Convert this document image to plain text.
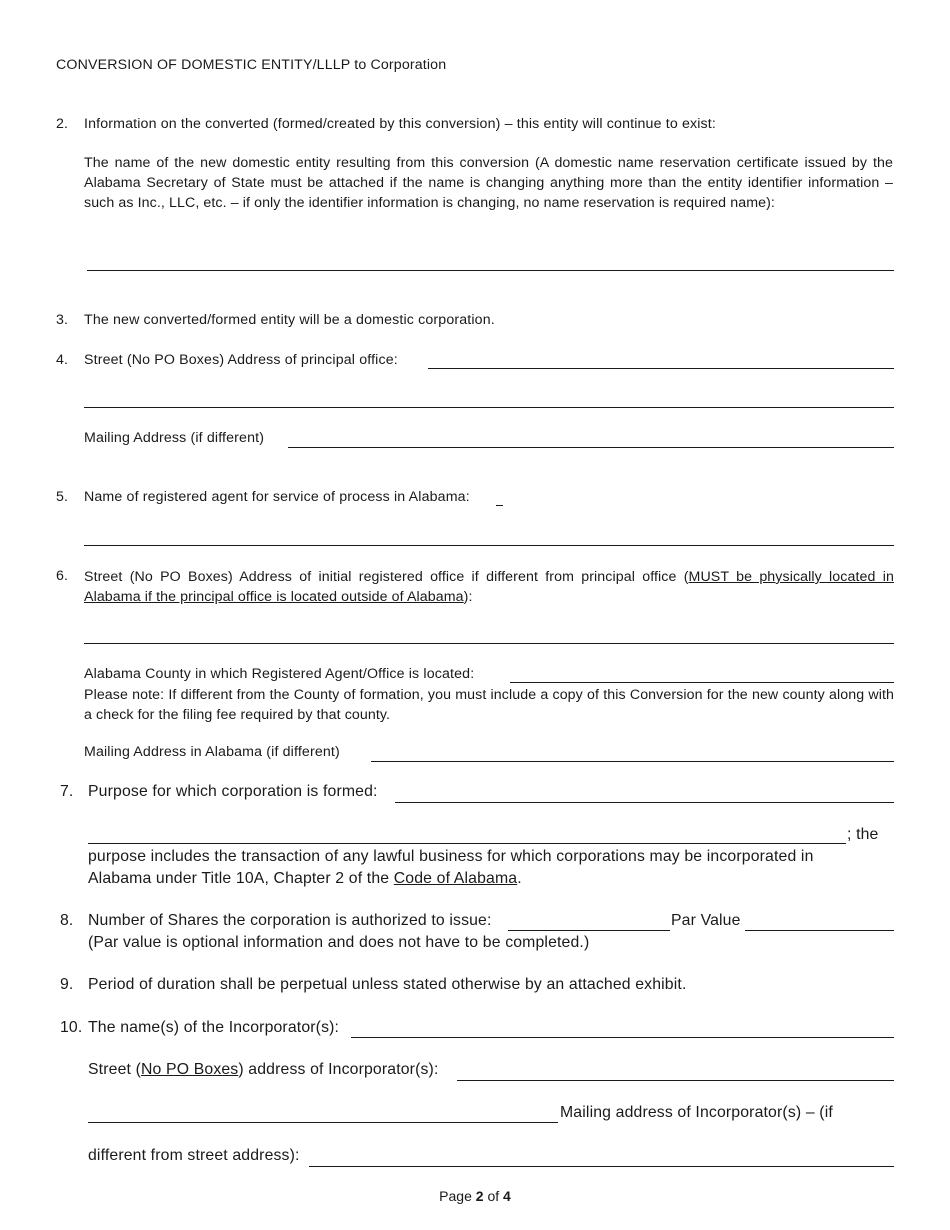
CONVERSION OF DOMESTIC ENTITY/LLLP to Corporation
2. Information on the converted (formed/created by this conversion) – this entity will continue to exist:
The name of the new domestic entity resulting from this conversion (A domestic name reservation certificate issued by the Alabama Secretary of State must be attached if the name is changing anything more than the entity identifier information – such as Inc., LLC, etc. – if only the identifier information is changing, no name reservation is required name):
3. The new converted/formed entity will be a domestic corporation.
4. Street (No PO Boxes) Address of principal office:
Mailing Address (if different)
5. Name of registered agent for service of process in Alabama:
6. Street (No PO Boxes) Address of initial registered office if different from principal office (MUST be physically located in Alabama if the principal office is located outside of Alabama):
Alabama County in which Registered Agent/Office is located:
Please note: If different from the County of formation, you must include a copy of this Conversion for the new county along with a check for the filing fee required by that county.
Mailing Address in Alabama (if different)
7. Purpose for which corporation is formed:
; the
purpose includes the transaction of any lawful business for which corporations may be incorporated in
Alabama under Title 10A, Chapter 2 of the Code of Alabama.
8. Number of Shares the corporation is authorized to issue:	Par Value
(Par value is optional information and does not have to be completed.)
9. Period of duration shall be perpetual unless stated otherwise by an attached exhibit.
10. The name(s) of the Incorporator(s):
Street (No PO Boxes) address of Incorporator(s):
Mailing address of Incorporator(s) – (if
different from street address):
Page 2 of 4
